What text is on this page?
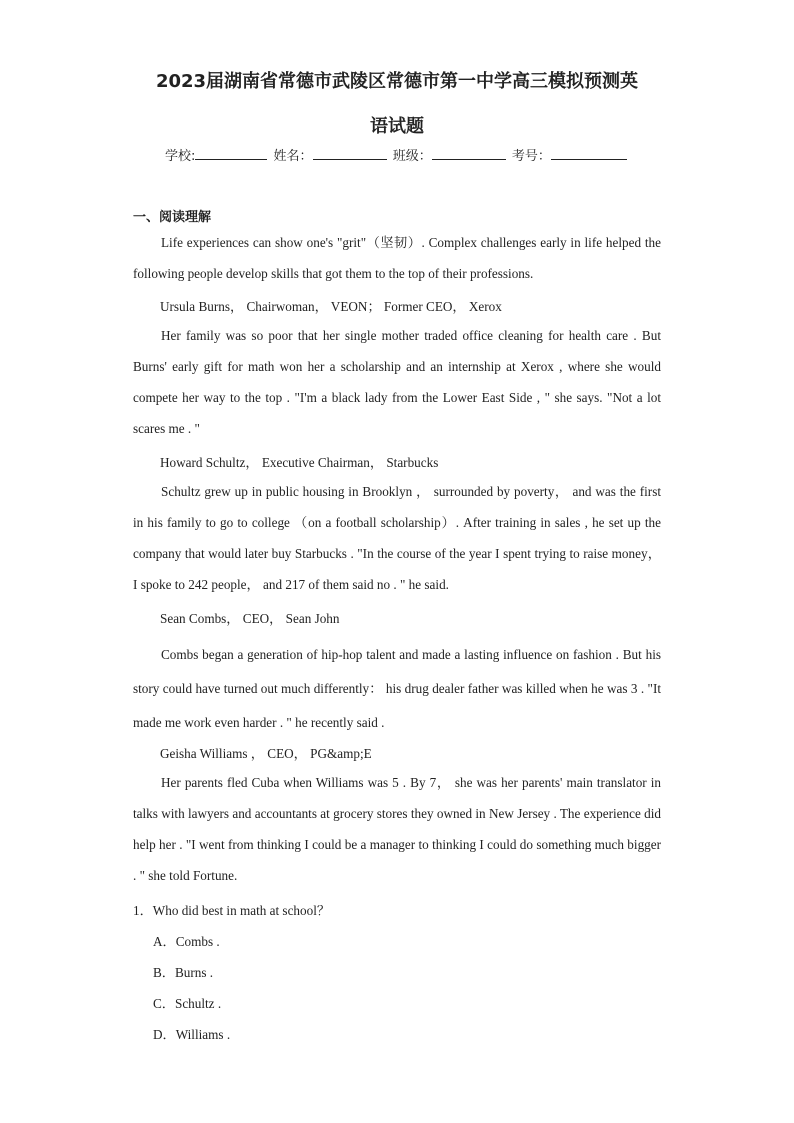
2023届湖南省常德市武陵区常德市第一中学高三模拟预测英
语试题
学校:	姓名：	班级：	考号：
一、阅读理解
Life experiences can show one's "grit"（坚韧）. Complex challenges early in life helped the following people develop skills that got them to the top of their professions.
Ursula Burns， Chairwoman， VEON； Former CEO， Xerox
Her family was so poor that her single mother traded office cleaning for health care . But Burns' early gift for math won her a scholarship and an internship at Xerox , where she would compete her way to the top . "I'm a black lady from the Lower East Side , " she says. "Not a lot scares me . "
Howard Schultz， Executive Chairman， Starbucks
Schultz grew up in public housing in Brooklyn ， surrounded by poverty， and was the first in his family to go to college （on a football scholarship）. After training in sales , he set up the company that would later buy Starbucks . "In the course of the year I spent trying to raise money， I spoke to 242 people， and 217 of them said no . " he said.
Sean Combs， CEO， Sean John
Combs began a generation of hip-hop talent and made a lasting influence on fashion . But his story could have turned out much differently： his drug dealer father was killed when he was 3 . "It made me work even harder . " he recently said .
Geisha Williams ， CEO， PG&amp;E
Her parents fled Cuba when Williams was 5 . By 7， she was her parents' main translator in talks with lawyers and accountants at grocery stores they owned in New Jersey . The experience did help her . "I went from thinking I could be a manager to thinking I could do something much bigger . " she told Fortune.
1．Who did best in math at school？
A．Combs .
B．Burns .
C．Schultz .
D．Williams .
